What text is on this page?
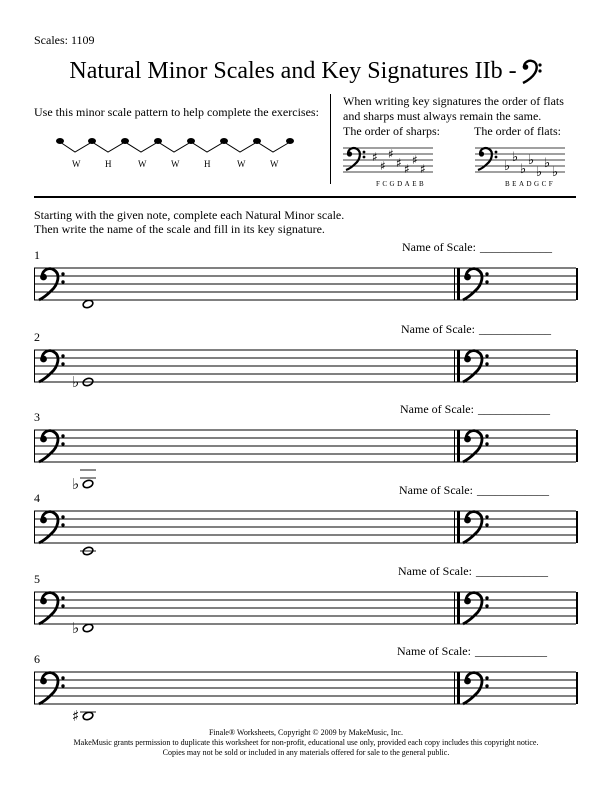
Scales: 1109
Natural Minor Scales and Key Signatures IIb -
Use this minor scale pattern to help complete the exercises:
W	H	W	W	H	W	W
When writing key signatures the order of flats
and sharps must always remain the same.
The order of sharps:	The order of flats:
♯
♯
♯
♯ ♯
♯
♯
FCGDAEB
♭
♭
♭
♭
♭
♭
♭
BEADGCF
Starting with the given note, complete each Natural Minor scale.
Then write the name of the scale and fill in its key signature.
1
Name of Scale: ____________
2
Name of Scale: ____________
♭
3
Name of Scale: ____________
♭
4
Name of Scale: ____________
5
Name of Scale: ____________
♭
6
Name of Scale: ____________
♯
Finale® Worksheets, Copyright © 2009 by MakeMusic, Inc.
MakeMusic grants permission to duplicate this worksheet for non-profit, educational use only, provided each copy includes this copyright notice.
Copies may not be sold or included in any materials offered for sale to the general public.
